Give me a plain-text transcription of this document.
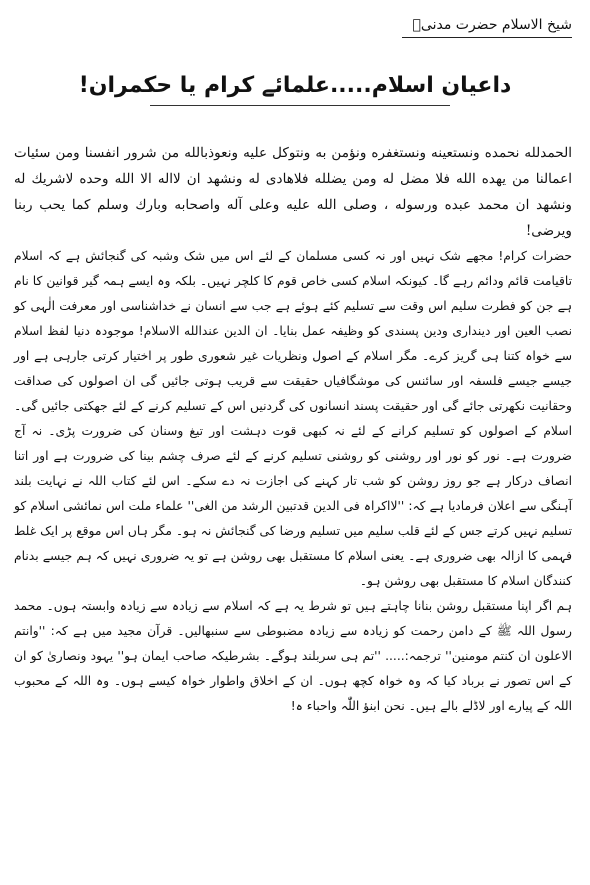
شیخ الاسلام حضرت مدنیؒ
داعیان اسلام.....علمائے کرام یا حکمران!

الحمدلله نحمده ونستعينه ونستغفره ونؤمن به ونتوكل عليه ونعوذبالله من شرور انفسنا ومن سئيات اعمالنا من يهده الله فلا مضل له ومن يضلله فلاهادى له ونشهد ان لااله الا الله وحده لاشريك له ونشهد ان محمد عبده ورسوله ، وصلى الله عليه وعلى آله واصحابه وبارك وسلم كما يحب ربنا ويرضى!

حضرات کرام! مجھے شک نہیں اور نہ کسی مسلمان کے لئے اس میں شک وشبہ کی گنجائش ہے کہ اسلام تاقیامت قائم ودائم رہے گا۔ کیونکہ اسلام کسی خاص قوم کا کلچر نہیں۔ بلکہ وہ ایسے ہمہ گیر قوانین کا نام ہے جن کو فطرت سلیم اس وقت سے تسلیم کئے ہوئے ہے جب سے انسان نے خداشناسی اور معرفت الٰہی کو نصب العین اور دینداری ودین پسندی کو وظیفہ عمل بنایا۔ ان الدین عندالله الاسلام! موجودہ دنیا لفظ اسلام سے خواہ کتنا ہی گریز کرے۔ مگر اسلام کے اصول ونظریات غیر شعوری طور پر اختیار کرتی جارہی ہے اور جیسے جیسے فلسفہ اور سائنس کی موشگافیاں حقیقت سے قریب ہوتی جائیں گی ان اصولوں کی صداقت وحقانیت نکھرتی جائے گی اور حقیقت پسند انسانوں کی گردنیں اس کے تسلیم کرنے کے لئے جھکتی جائیں گی۔ اسلام کے اصولوں کو تسلیم کرانے کے لئے نہ کبھی قوت دہشت اور تیغ وسنان کی ضرورت پڑی۔ نہ آج ضرورت ہے۔ نور کو نور اور روشنی کو روشنی تسلیم کرنے کے لئے صرف چشم بینا کی ضرورت ہے اور اتنا انصاف درکار ہے جو روز روشن کو شب تار کہنے کی اجازت نہ دے سکے۔ اس لئے کتاب اللہ نے نہایت بلند آہنگی سے اعلان فرمادیا ہے کہ: ''لااکراہ فی الدین قدتبین الرشد من الغی'' علماء ملت اس نمائشی اسلام کو تسلیم نہیں کرتے جس کے لئے قلب سلیم میں تسلیم ورضا کی گنجائش نہ ہو۔ مگر ہاں اس موقع پر ایک غلط فہمی کا ازالہ بھی ضروری ہے۔ یعنی اسلام کا مستقبل بھی روشن ہے تو یہ ضروری نہیں کہ ہم جیسے بدنام کنندگان اسلام کا مستقبل بھی روشن ہو۔

ہم اگر اپنا مستقبل روشن بنانا چاہتے ہیں تو شرط یہ ہے کہ اسلام سے زیادہ سے زیادہ وابستہ ہوں۔ محمد رسول اللہ ﷺ کے دامن رحمت کو زیادہ سے زیادہ مضبوطی سے سنبھالیں۔ قرآن مجید میں ہے کہ: ''وانتم الاعلون ان کنتم مومنین'' ترجمہ:..... ''تم ہی سربلند ہوگے۔ بشرطیکہ صاحب ایمان ہو'' یہود ونصاریٰ کو ان کے اس تصور نے برباد کیا کہ وہ خواہ کچھ ہوں۔ ان کے اخلاق واطوار خواہ کیسے ہوں۔ وہ اللہ کے محبوب اللہ کے پیارے اور لاڈلے بالے ہیں۔ نحن ابنؤ اللّٰہ واحباء ہ!
